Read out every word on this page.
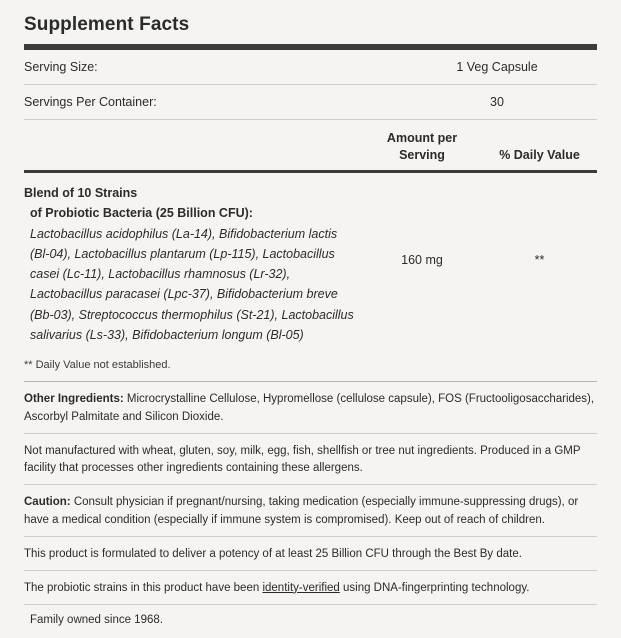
Supplement Facts
Serving Size:	1 Veg Capsule
Servings Per Container:	30
Amount per
Serving	% Daily Value
Blend of 10 Strains
of Probiotic Bacteria (25 Billion CFU):
Lactobacillus acidophilus (La-14), Bifidobacterium lactis (Bl-04), Lactobacillus plantarum (Lp-115), Lactobacillus casei (Lc-11), Lactobacillus rhamnosus (Lr-32), Lactobacillus paracasei (Lpc-37), Bifidobacterium breve (Bb-03), Streptococcus thermophilus (St-21), Lactobacillus salivarius (Ls-33), Bifidobacterium longum (Bl-05)
160 mg	**
** Daily Value not established.
Other Ingredients: Microcrystalline Cellulose, Hypromellose (cellulose capsule), FOS (Fructooligosaccharides), Ascorbyl Palmitate and Silicon Dioxide.
Not manufactured with wheat, gluten, soy, milk, egg, fish, shellfish or tree nut ingredients. Produced in a GMP facility that processes other ingredients containing these allergens.
Caution: Consult physician if pregnant/nursing, taking medication (especially immune-suppressing drugs), or have a medical condition (especially if immune system is compromised). Keep out of reach of children.
This product is formulated to deliver a potency of at least 25 Billion CFU through the Best By date.
The probiotic strains in this product have been identity-verified using DNA-fingerprinting technology.
Family owned since 1968.
